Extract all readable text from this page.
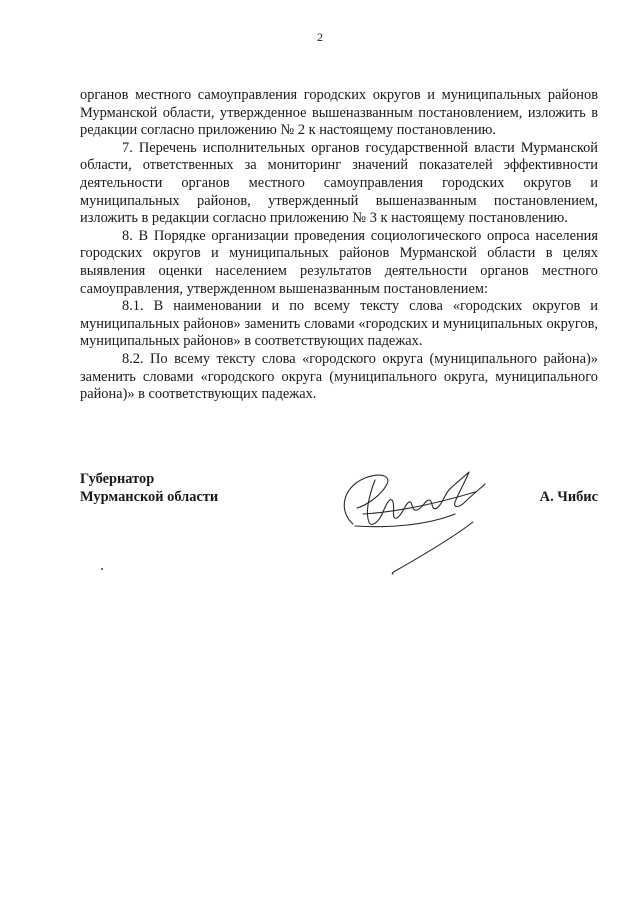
2

органов местного самоуправления городских округов и муниципальных районов Мурманской области, утвержденное вышеназванным постановлением, изложить в редакции согласно приложению № 2 к настоящему постановлению.

7. Перечень исполнительных органов государственной власти Мурманской области, ответственных за мониторинг значений показателей эффективности деятельности органов местного самоуправления городских округов и муниципальных районов, утвержденный вышеназванным постановлением, изложить в редакции согласно приложению № 3 к настоящему постановлению.

8. В Порядке организации проведения социологического опроса населения городских округов и муниципальных районов Мурманской области в целях выявления оценки населением результатов деятельности органов местного самоуправления, утвержденном вышеназванным постановлением:

8.1. В наименовании и по всему тексту слова «городских округов и муниципальных районов» заменить словами «городских и муниципальных округов, муниципальных районов» в соответствующих падежах.

8.2. По всему тексту слова «городского округа (муниципального района)» заменить словами «городского округа (муниципального округа, муниципального района)» в соответствующих падежах.

Губернатор
Мурманской области	А. Чибис
